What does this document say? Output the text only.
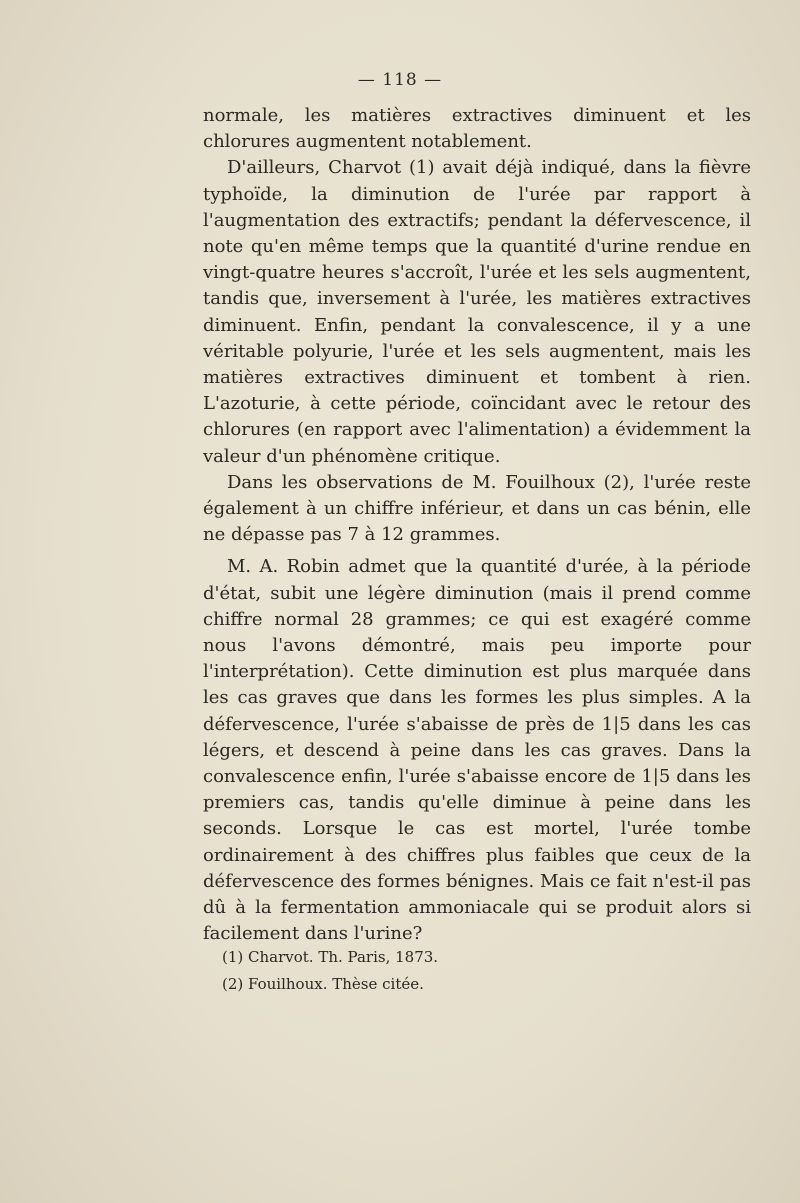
— 118 —

normale, les matières extractives diminuent et les chlorures augmentent notablement.

D'ailleurs, Charvot (1) avait déjà indiqué, dans la fièvre typhoïde, la diminution de l'urée par rapport à l'augmentation des extractifs; pendant la défervescence, il note qu'en même temps que la quantité d'urine rendue en vingt-quatre heures s'accroît, l'urée et les sels augmentent, tandis que, inversement à l'urée, les matières extractives diminuent. Enfin, pendant la convalescence, il y a une véritable polyurie, l'urée et les sels augmentent, mais les matières extractives diminuent et tombent à rien. L'azoturie, à cette période, coïncidant avec le retour des chlorures (en rapport avec l'alimentation) a évidemment la valeur d'un phénomène critique.

Dans les observations de M. Fouilhoux (2), l'urée reste également à un chiffre inférieur, et dans un cas bénin, elle ne dépasse pas 7 à 12 grammes.

M. A. Robin admet que la quantité d'urée, à la période d'état, subit une légère diminution (mais il prend comme chiffre normal 28 grammes; ce qui est exagéré comme nous l'avons démontré, mais peu importe pour l'interprétation). Cette diminution est plus marquée dans les cas graves que dans les formes les plus simples. A la défervescence, l'urée s'abaisse de près de 1|5 dans les cas légers, et descend à peine dans les cas graves. Dans la convalescence enfin, l'urée s'abaisse encore de 1|5 dans les premiers cas, tandis qu'elle diminue à peine dans les seconds. Lorsque le cas est mortel, l'urée tombe ordinairement à des chiffres plus faibles que ceux de la défervescence des formes bénignes. Mais ce fait n'est-il pas dû à la fermentation ammoniacale qui se produit alors si facilement dans l'urine?

(1) Charvot. Th. Paris, 1873.

(2) Fouilhoux. Thèse citée.
